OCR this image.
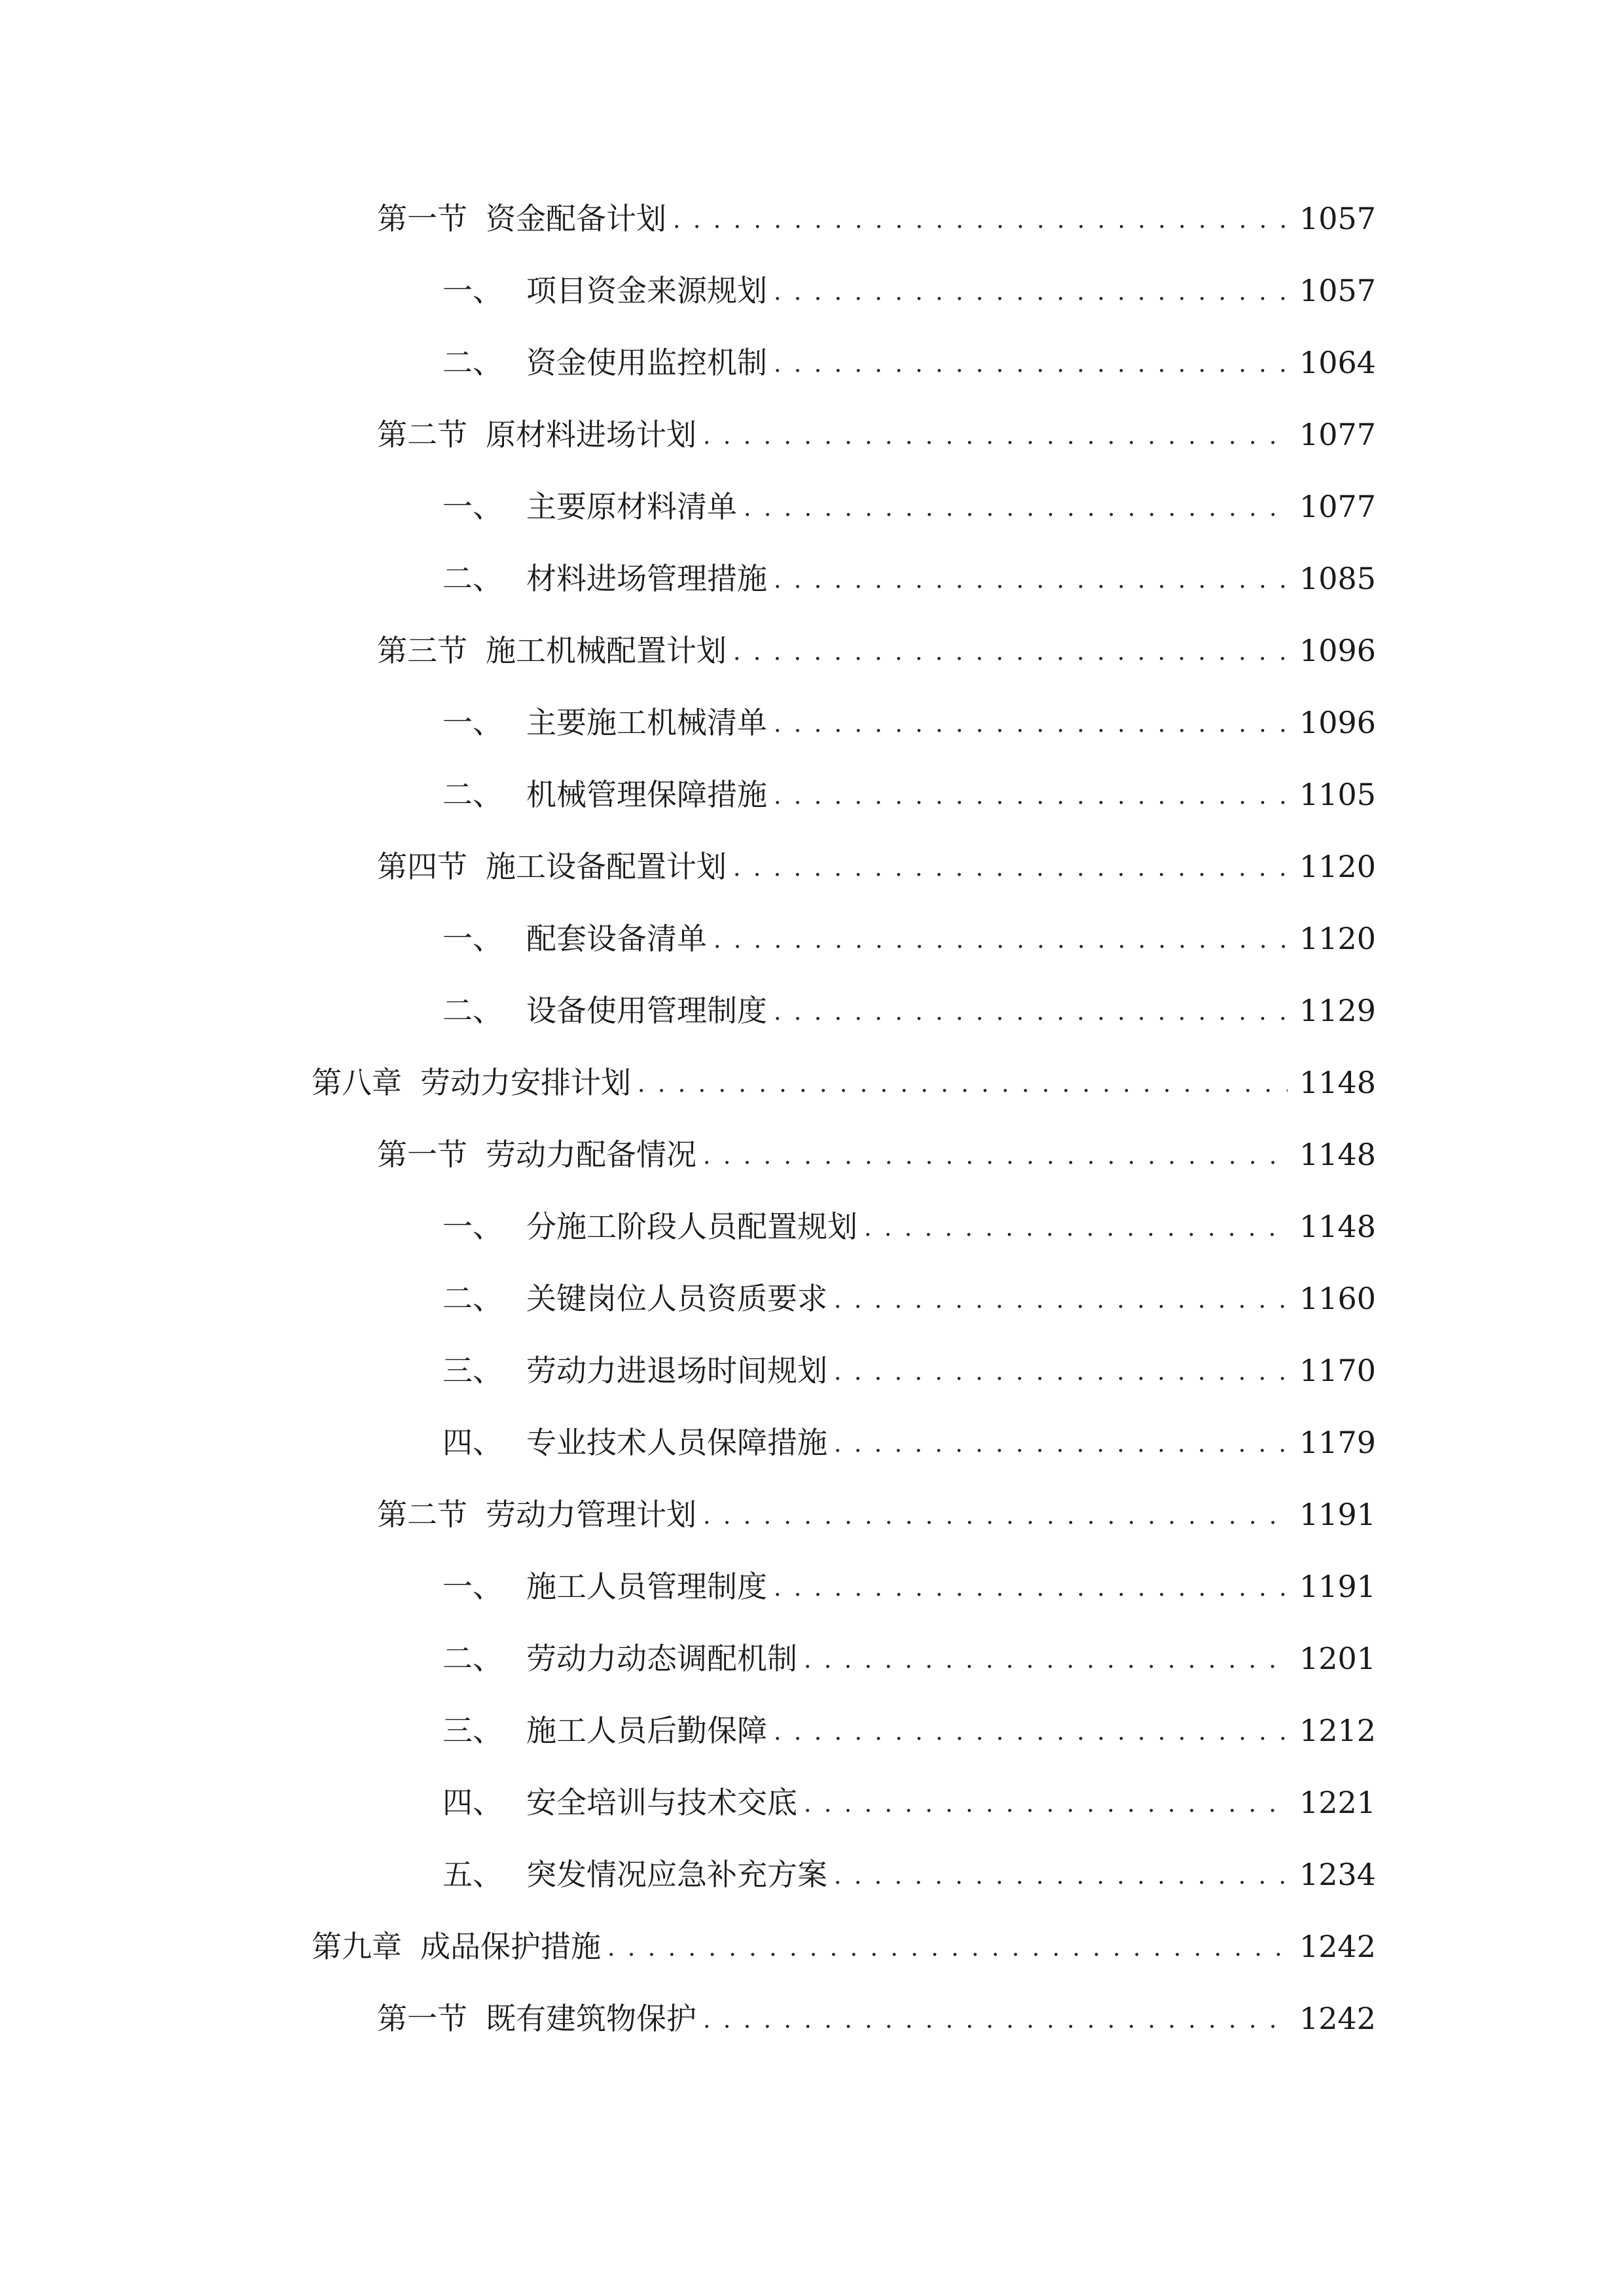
第一节 资金配备计划 . . .	1057
一、 项目资金来源规划 . . .	1057
二、 资金使用监控机制 . . .	1064
第二节 原材料进场计划 . . .	1077
一、 主要原材料清单 . . .	1077
二、 材料进场管理措施 . . .	1085
第三节 施工机械配置计划 . . .	1096
一、 主要施工机械清单 . . .	1096
二、 机械管理保障措施 . . .	1105
第四节 施工设备配置计划 . . .	1120
一、 配套设备清单 . . .	1120
二、 设备使用管理制度 . . .	1129
第八章 劳动力安排计划 . . .	1148
第一节 劳动力配备情况 . . .	1148
一、 分施工阶段人员配置规划 . . .	1148
二、 关键岗位人员资质要求 . . .	1160
三、 劳动力进退场时间规划 . . .	1170
四、 专业技术人员保障措施 . . .	1179
第二节 劳动力管理计划 . . .	1191
一、 施工人员管理制度 . . .	1191
二、 劳动力动态调配机制 . . .	1201
三、 施工人员后勤保障 . . .	1212
四、 安全培训与技术交底 . . .	1221
五、 突发情况应急补充方案 . . .	1234
第九章 成品保护措施 . . .	1242
第一节 既有建筑物保护 . . .	1242
